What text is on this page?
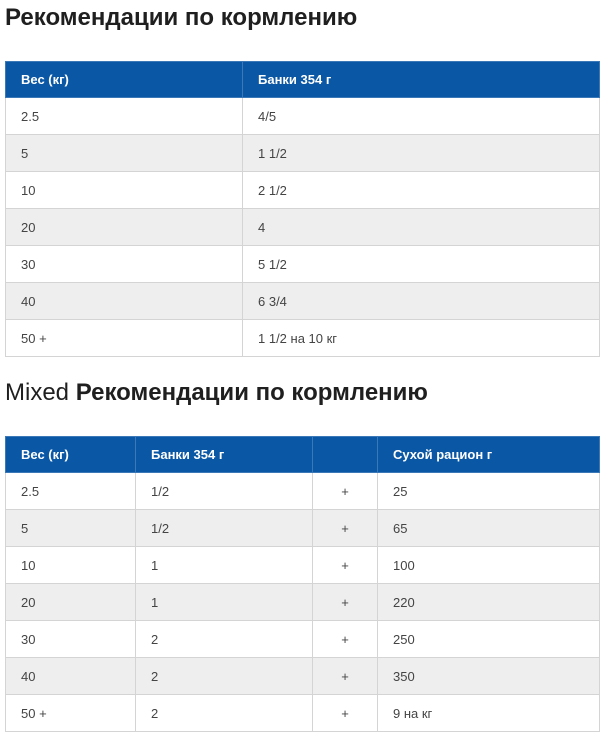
Рекомендации по кормлению
Вес (кг)	Банки 354 г
2.5	4/5
5	1 1/2
10	2 1/2
20	4
30	5 1/2
40	6 3/4
50 +	1 1/2 на 10 кг
Mixed Рекомендации по кормлению
Вес (кг)	Банки 354 г		Сухой рацион г
2.5	1/2	+	25
5	1/2	+	65
10	1	+	100
20	1	+	220
30	2	+	250
40	2	+	350
50 +	2	+	9 на кг
